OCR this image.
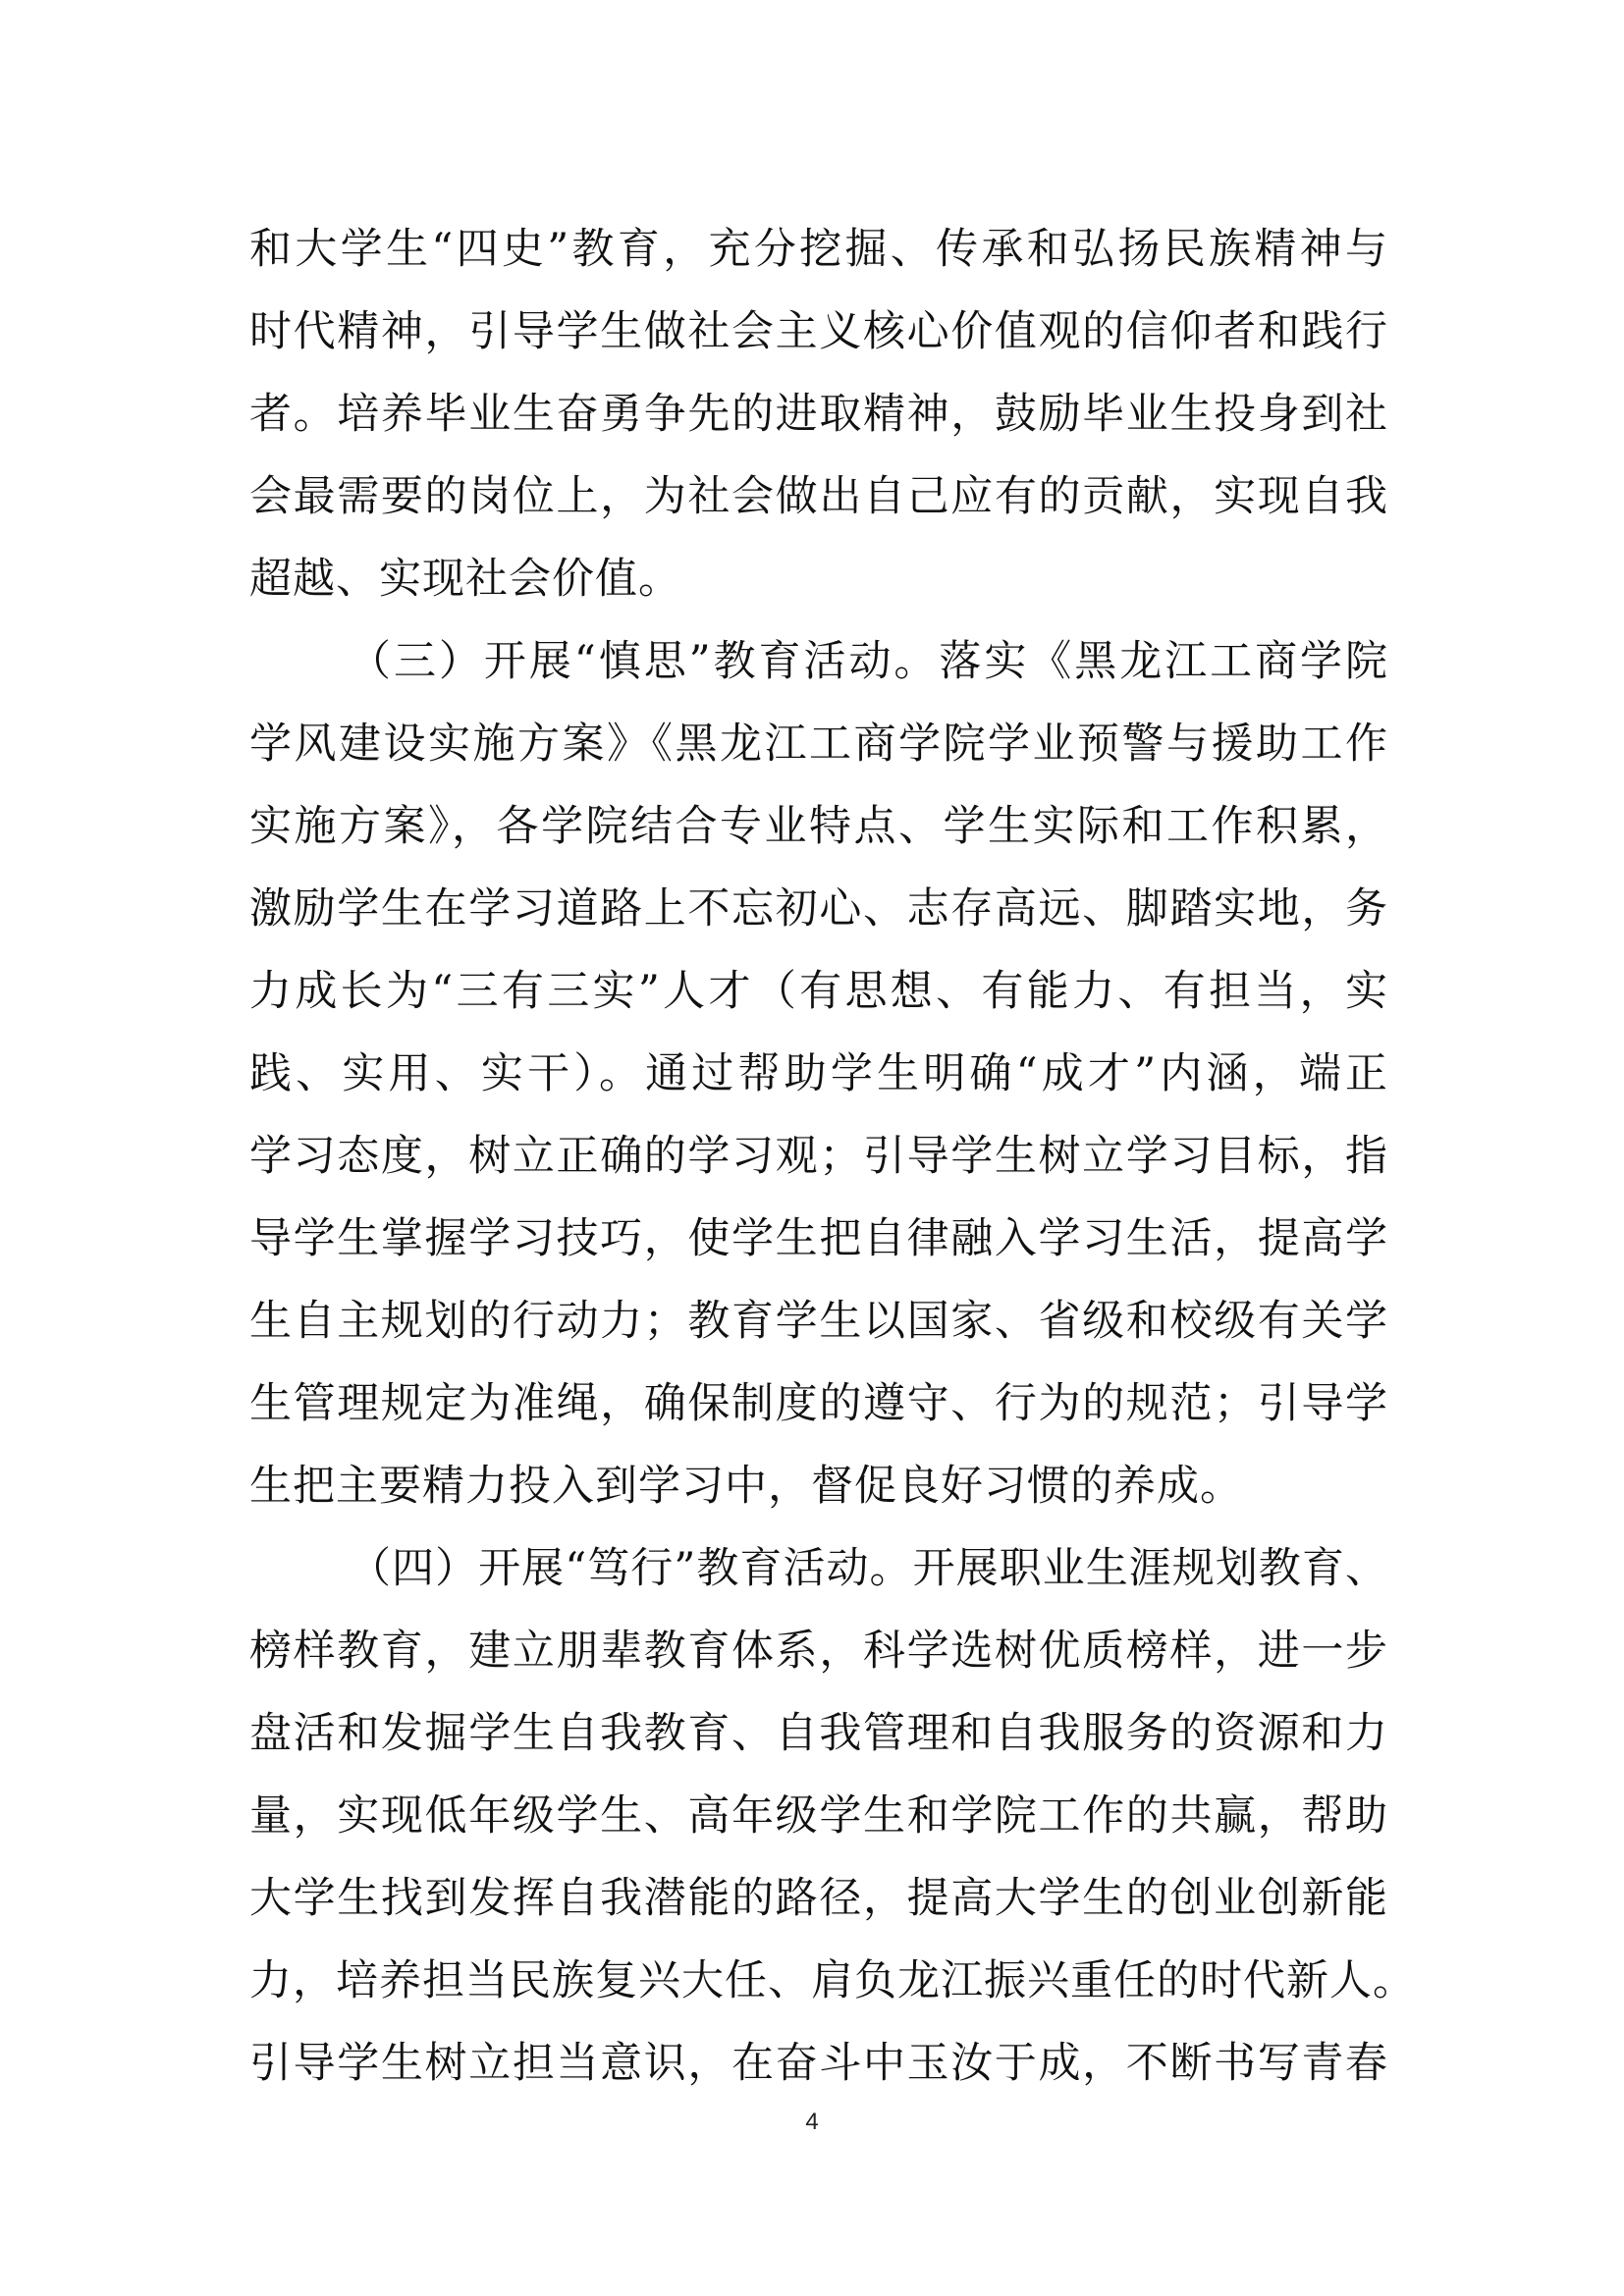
和大学生“四史”教育，充分挖掘、传承和弘扬民族精神与
时代精神，引导学生做社会主义核心价值观的信仰者和践行
者。培养毕业生奋勇争先的进取精神，鼓励毕业生投身到社
会最需要的岗位上，为社会做出自己应有的贡献，实现自我
超越、实现社会价值。
（三）开展“慎思”教育活动。落实《黑龙江工商学院
学风建设实施方案》《黑龙江工商学院学业预警与援助工作
实施方案》，各学院结合专业特点、学生实际和工作积累，
激励学生在学习道路上不忘初心、志存高远、脚踏实地，务
力成长为“三有三实”人才（有思想、有能力、有担当，实
践、实用、实干）。通过帮助学生明确“成才”内涵，端正
学习态度，树立正确的学习观；引导学生树立学习目标，指
导学生掌握学习技巧，使学生把自律融入学习生活，提高学
生自主规划的行动力；教育学生以国家、省级和校级有关学
生管理规定为准绳，确保制度的遵守、行为的规范；引导学
生把主要精力投入到学习中，督促良好习惯的养成。
（四）开展“笃行”教育活动。开展职业生涯规划教育、
榜样教育，建立朋辈教育体系，科学选树优质榜样，进一步
盘活和发掘学生自我教育、自我管理和自我服务的资源和力
量，实现低年级学生、高年级学生和学院工作的共赢，帮助
大学生找到发挥自我潜能的路径，提高大学生的创业创新能
力，培养担当民族复兴大任、肩负龙江振兴重任的时代新人。
引导学生树立担当意识，在奋斗中玉汝于成，不断书写青春
4
